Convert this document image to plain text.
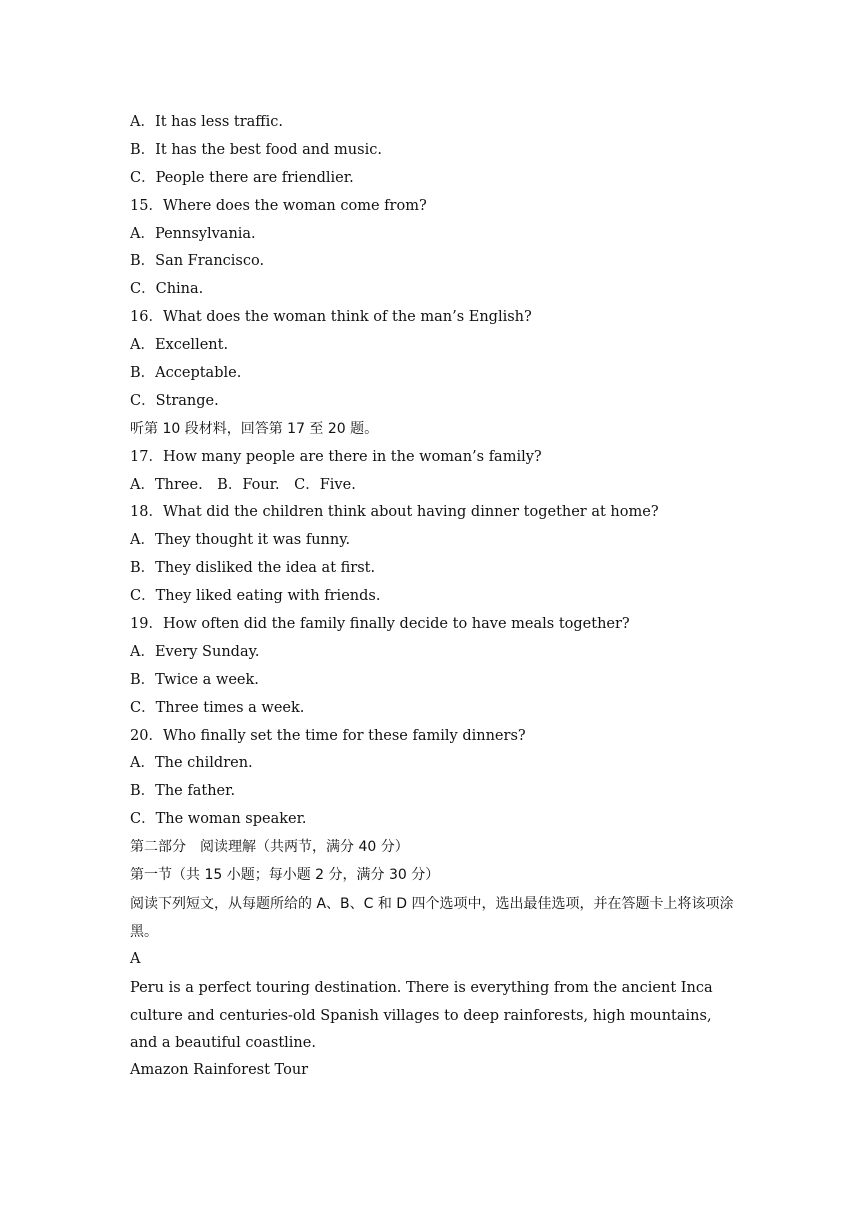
A．It has less traffic.
B．It has the best food and music.
C．People there are friendlier.
15．Where does the woman come from?
A．Pennsylvania.
B．San Francisco.
C．China.
16．What does the woman think of the man’s English?
A．Excellent.
B．Acceptable.
C．Strange.
听第 10 段材料，回答第 17 至 20 题。
17．How many people are there in the woman’s family?
A．Three.　B．Four.　C．Five.
18．What did the children think about having dinner together at home?
A．They thought it was funny.
B．They disliked the idea at first.
C．They liked eating with friends.
19．How often did the family finally decide to have meals together?
A．Every Sunday.
B．Twice a week.
C．Three times a week.
20．Who finally set the time for these family dinners?
A．The children.
B．The father.
C．The woman speaker.
第二部分　阅读理解（共两节，满分 40 分）
第一节（共 15 小题；每小题 2 分，满分 30 分）
阅读下列短文，从每题所给的 A、B、C 和 D 四个选项中，选出最佳选项，并在答题卡上将该项涂黑。
A
Peru is a perfect touring destination. There is everything from the ancient Inca culture and centuries-old Spanish villages to deep rainforests, high mountains, and a beautiful coastline.
Amazon Rainforest Tour
